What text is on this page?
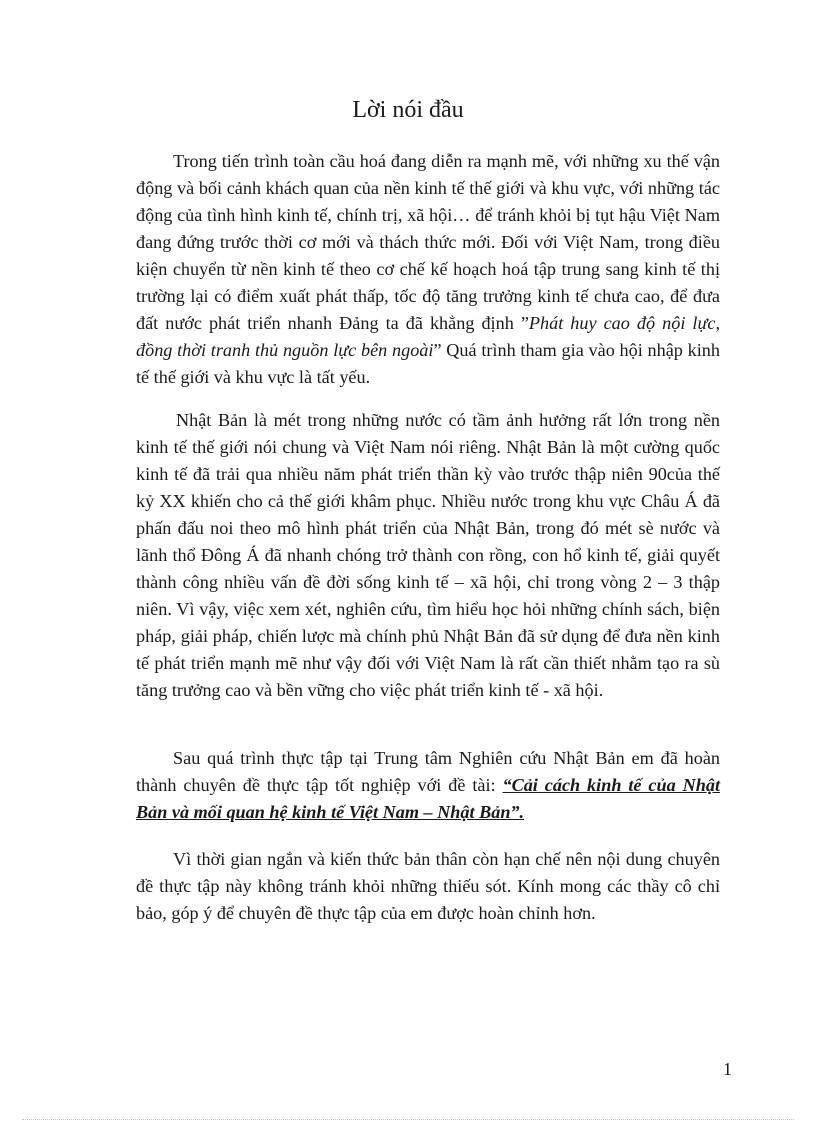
Lời nói đầu

Trong tiến trình toàn cầu hoá đang diễn ra mạnh mẽ, với những xu thế vận động và bối cảnh khách quan của nền kinh tế thế giới và khu vực, với những tác động của tình hình kinh tế, chính trị, xã hội… để tránh khỏi bị tụt hậu Việt Nam đang đứng trước thời cơ mới và thách thức mới. Đối với Việt Nam, trong điều kiện chuyển từ nền kinh tế theo cơ chế kế hoạch hoá tập trung sang kinh tế thị trường lại có điểm xuất phát thấp, tốc độ tăng trưởng kinh tế chưa cao, để đưa đất nước phát triển nhanh Đảng ta đã khẳng định ”Phát huy cao độ nội lực, đồng thời tranh thủ nguồn lực bên ngoài” Quá trình tham gia vào hội nhập kinh tế thế giới và khu vực là tất yếu.

Nhật Bản là mét trong những nước có tầm ảnh hưởng rất lớn trong nền kinh tế thế giới nói chung và Việt Nam nói riêng. Nhật Bản là một cường quốc kinh tế đã trải qua nhiều năm phát triển thần kỳ vào trước thập niên 90của thế kỷ XX khiến cho cả thế giới khâm phục. Nhiều nước trong khu vực Châu Á đã phấn đấu noi theo mô hình phát triển của Nhật Bản, trong đó mét sè nước và lãnh thổ Đông Á đã nhanh chóng trở thành con rồng, con hổ kinh tế, giải quyết thành công nhiều vấn đề đời sống kinh tế – xã hội, chỉ trong vòng 2 – 3 thập niên. Vì vậy, việc xem xét, nghiên cứu, tìm hiểu học hỏi những chính sách, biện pháp, giải pháp, chiến lược mà chính phủ Nhật Bản đã sử dụng để đưa nền kinh tế phát triển mạnh mẽ như vậy đối với Việt Nam là rất cần thiết nhằm tạo ra sù tăng trưởng cao và bền vững cho việc phát triển kinh tế - xã hội.

Sau quá trình thực tập tại Trung tâm Nghiên cứu Nhật Bản em đã hoàn thành chuyên đề thực tập tốt nghiệp với đề tài: “Cải cách kinh tế của Nhật Bản và mối quan hệ kinh tế Việt Nam – Nhật Bản”.

Vì thời gian ngắn và kiến thức bản thân còn hạn chế nên nội dung chuyên đề thực tập này không tránh khỏi những thiếu sót. Kính mong các thầy cô chỉ bảo, góp ý để chuyên đề thực tập của em được hoàn chỉnh hơn.

1
